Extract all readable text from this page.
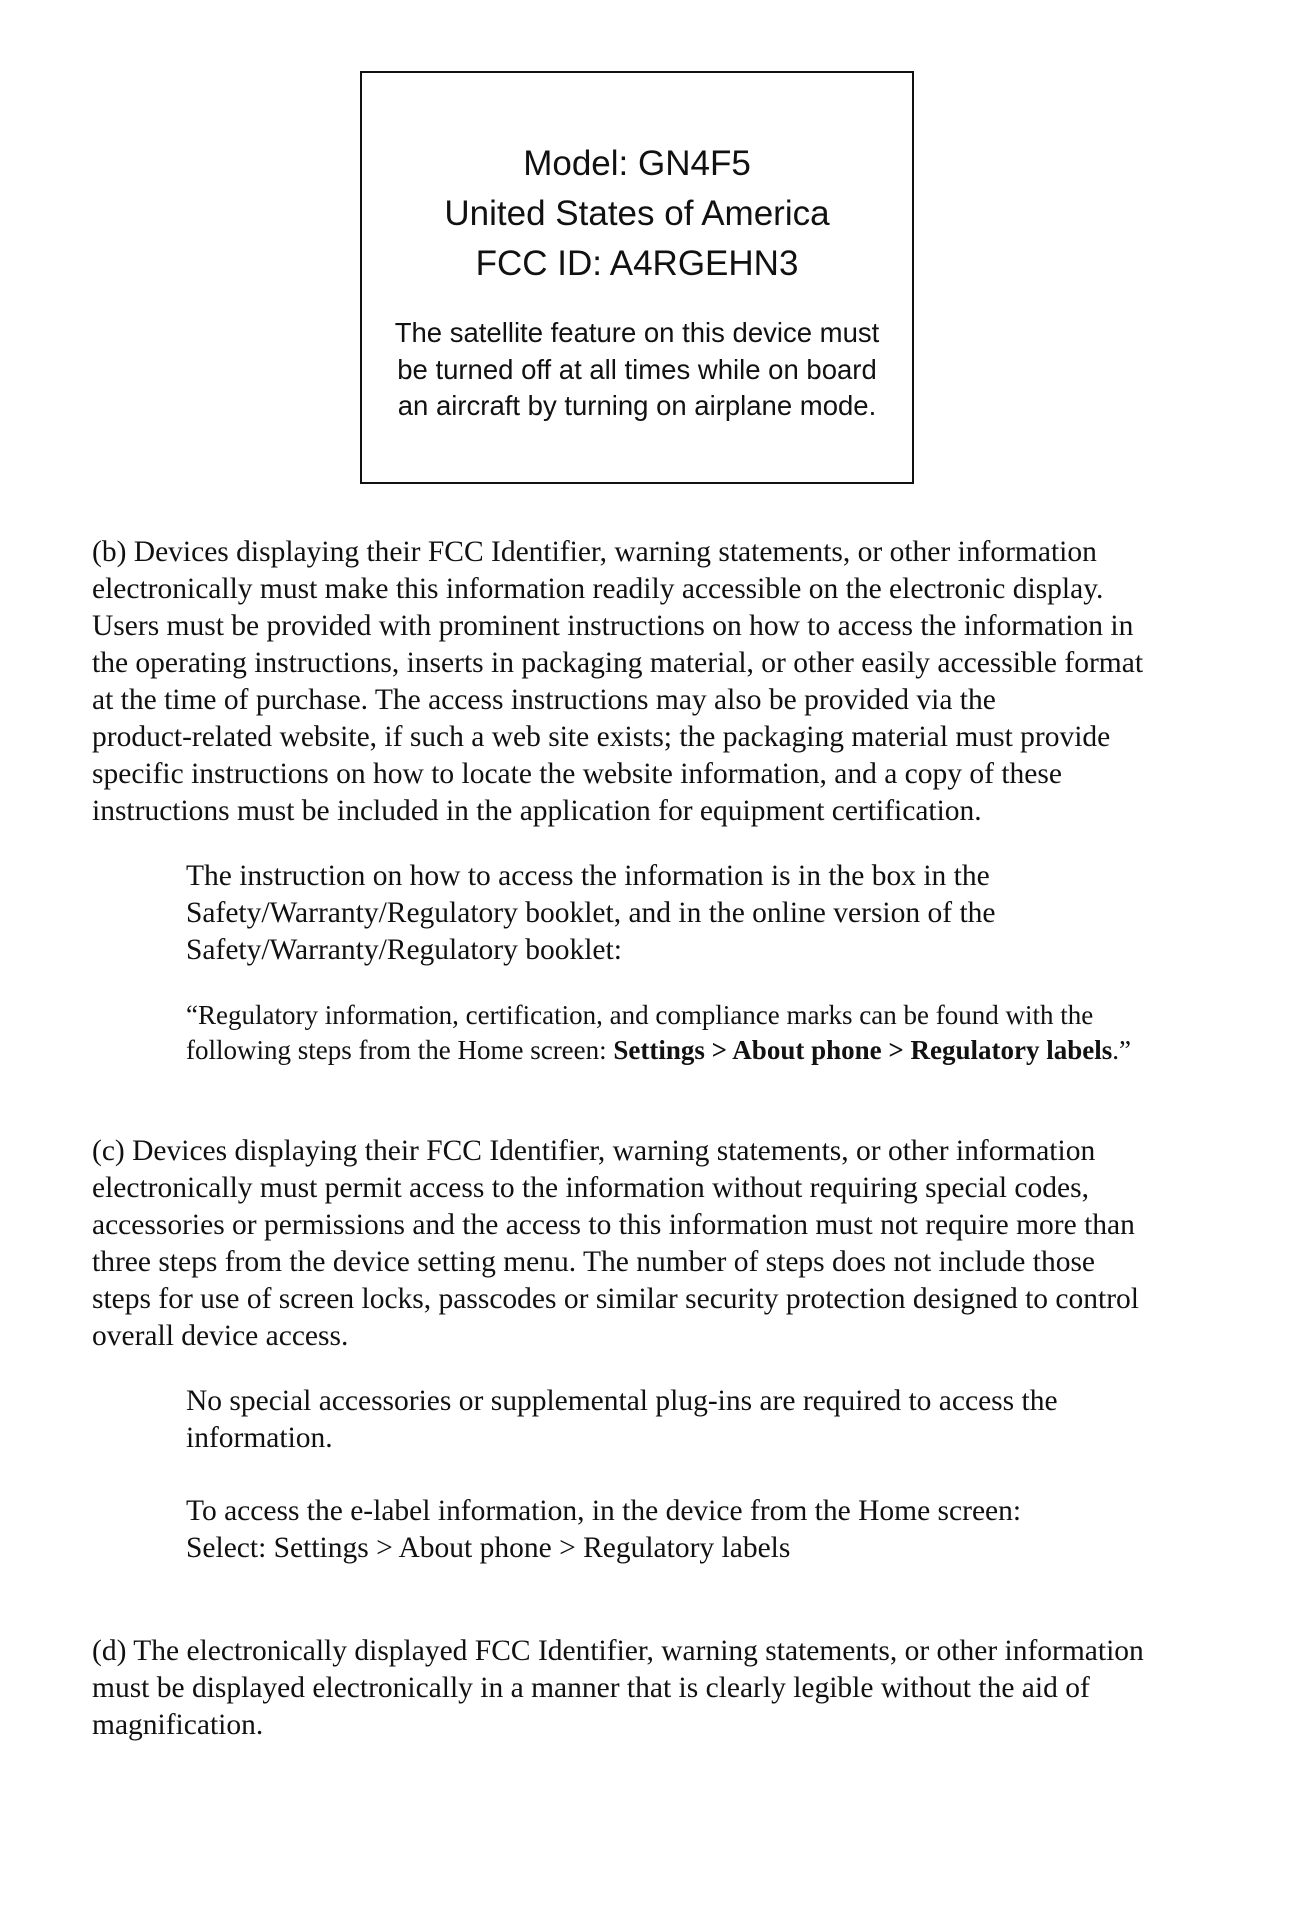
Model: GN4F5
United States of America
FCC ID: A4RGEHN3
The satellite feature on this device must
be turned off at all times while on board
an aircraft by turning on airplane mode.
(b) Devices displaying their FCC Identifier, warning statements, or other information
electronically must make this information readily accessible on the electronic display.
Users must be provided with prominent instructions on how to access the information in
the operating instructions, inserts in packaging material, or other easily accessible format
at the time of purchase. The access instructions may also be provided via the
product-related website, if such a web site exists; the packaging material must provide
specific instructions on how to locate the website information, and a copy of these
instructions must be included in the application for equipment certification.
The instruction on how to access the information is in the box in the
Safety/Warranty/Regulatory booklet, and in the online version of the
Safety/Warranty/Regulatory booklet:
“Regulatory information, certification, and compliance marks can be found with the
following steps from the Home screen: Settings > About phone > Regulatory labels.”
(c) Devices displaying their FCC Identifier, warning statements, or other information
electronically must permit access to the information without requiring special codes,
accessories or permissions and the access to this information must not require more than
three steps from the device setting menu. The number of steps does not include those
steps for use of screen locks, passcodes or similar security protection designed to control
overall device access.
No special accessories or supplemental plug-ins are required to access the
information.
To access the e-label information, in the device from the Home screen:
Select: Settings > About phone > Regulatory labels
(d) The electronically displayed FCC Identifier, warning statements, or other information
must be displayed electronically in a manner that is clearly legible without the aid of
magnification.
